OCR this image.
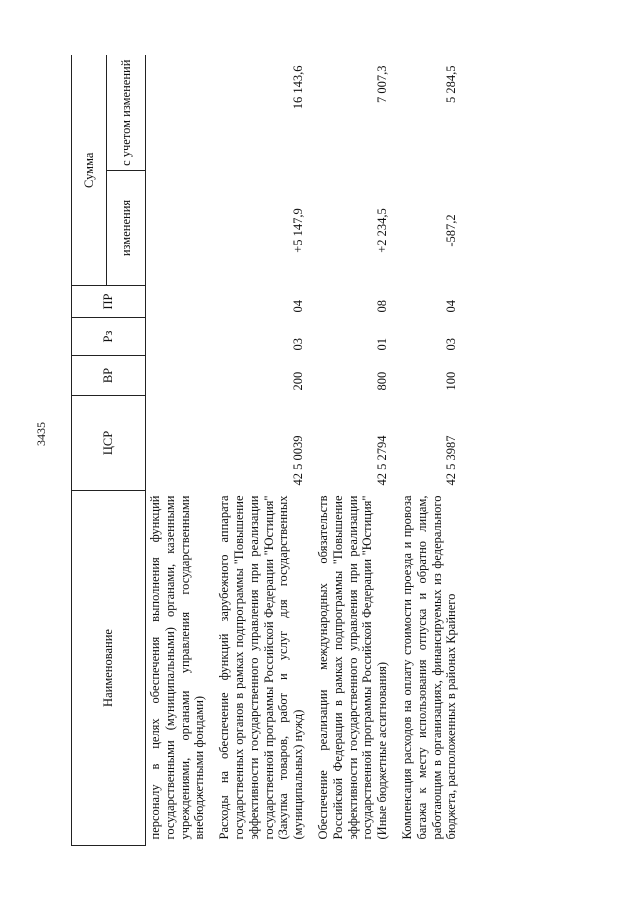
3435
Наименование	ЦСР	ВР	Рз	ПР	Сумма	
					изменения	с учетом изменений
персоналу в целях обеспечения выполнения функций государственными (муниципальными) органами, казенными учреждениями, органами управления государственными внебюджетными фондами)						
Расходы на обеспечение функций зарубежного аппарата государственных органов в рамках подпрограммы "Повышение эффективности государственного управления при реализации государственной программы Российской Федерации "Юстиция" (Закупка товаров, работ и услуг для государственных (муниципальных) нужд)	42 5 0039	200	03	04	+5 147,9	16 143,6
Обеспечение реализации международных обязательств Российской Федерации в рамках подпрограммы "Повышение эффективности государственного управления при реализации государственной программы Российской Федерации "Юстиция" (Иные бюджетные ассигнования)	42 5 2794	800	01	08	+2 234,5	7 007,3
Компенсация расходов на оплату стоимости проезда и провоза багажа к месту использования отпуска и обратно лицам, работающим в организациях, финансируемых из федерального бюджета, расположенных в районах Крайнего	42 5 3987	100	03	04	-587,2	5 284,5
